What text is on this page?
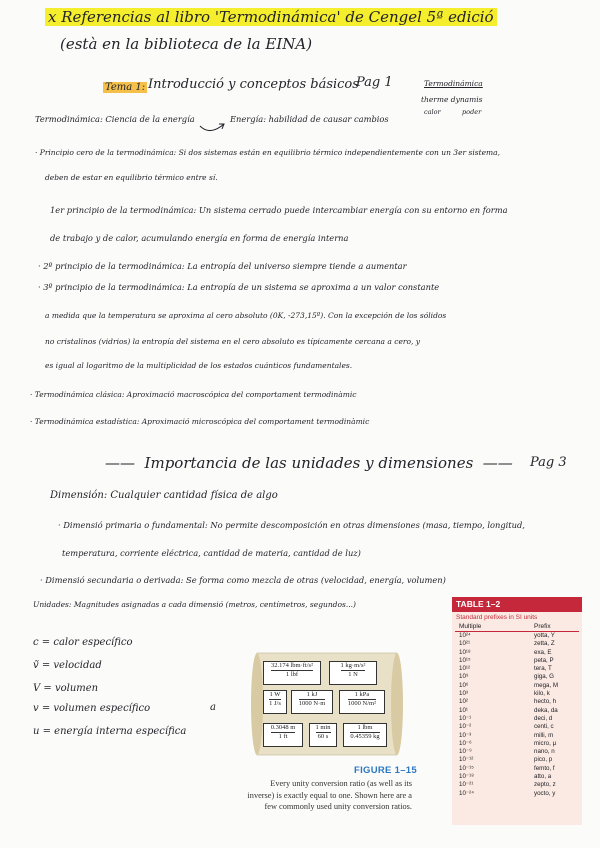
x Referencias al libro 'Termodinámica' de Cengel 5ª edició
(està en la biblioteca de la EINA)
Tema 1: Introducció y conceptos básicos
Pag 1	Termodinámica
therme dynamis
calor	poder
Termodinámica: Ciencia de la energía	Energía: habilidad de causar cambios
· Principio cero de la termodinámica: Si dos sistemas están en equilibrio térmico independientemente con un 3er sistema,
deben de estar en equilibrio térmico entre sí.
1er principio de la termodinámica: Un sistema cerrado puede intercambiar energía con su entorno en forma
de trabajo y de calor, acumulando energía en forma de energía interna
· 2º principio de la termodinámica: La entropía del universo siempre tiende a aumentar
· 3º principio de la termodinámica: La entropía de un sistema se aproxima a un valor constante
a medida que la temperatura se aproxima al cero absoluto (0K, -273,15º). Con la excepción de los sólidos
no cristalinos (vidrios) la entropía del sistema en el cero absoluto es típicamente cercana a cero, y
es igual al logaritmo de la multiplicidad de los estados cuánticos fundamentales.
· Termodinámica clásica: Aproximació macroscópica del comportament termodinàmic
· Termodinámica estadística: Aproximació microscópica del comportament termodinàmic
——  Importancia de las unidades y dimensiones  —— Pag 3
Dimensión: Cualquier cantidad física de algo
· Dimensió primaria o fundamental: No permite descomposición en otras dimensiones (masa, tiempo, longitud,
temperatura, corriente eléctrica, cantidad de materia, cantidad de luz)
· Dimensió secundaria o derivada: Se forma como mezcla de otras (velocidad, energía, volumen)
Unidades: Magnitudes asignadas a cada dimensió (metros, centímetros, segundos...)
c = calor específico
ṽ = velocidad
V = volumen
v = volumen específico
u = energía interna específica
a
$\frac{\text{32.174 lbm·ft/s²}}{\text{1 lbf}}$	$\frac{\text{1 kg·m/s²}}{1 N}$
$\frac{1 W}{1 J/s} \frac{1 kJ}{1000 N\cdot m}$	$\frac{\text{1 kPa}}{\text{1000 N/m²}}$
$\frac{0.3048 m}{1 ft} \frac{1 \min}{60 s} \frac{\text{1 lbm}}{0.45359 kg}$
FIGURE 1–15
Every unity conversion ratio (as well as its inverse) is exactly equal to one. Shown here are a few commonly used unity conversion ratios.
TABLE 1–2
Standard prefixes in SI units
Multiple	Prefix
10²⁴	yotta, Y
10²¹	zetta, Z
10¹⁸	exa, E
10¹⁵	peta, P
10¹²	tera, T
10⁹	giga, G
10⁶	mega, M
10³	kilo, k
10²	hecto, h
10¹	deka, da
10⁻¹	deci, d
10⁻²	centi, c
10⁻³	milli, m
10⁻⁶	micro, μ
10⁻⁹	nano, n
10⁻¹²	pico, p
10⁻¹⁵	femto, f
10⁻¹⁸	atto, a
10⁻²¹	zepto, z
10⁻²⁴	yocto, y
